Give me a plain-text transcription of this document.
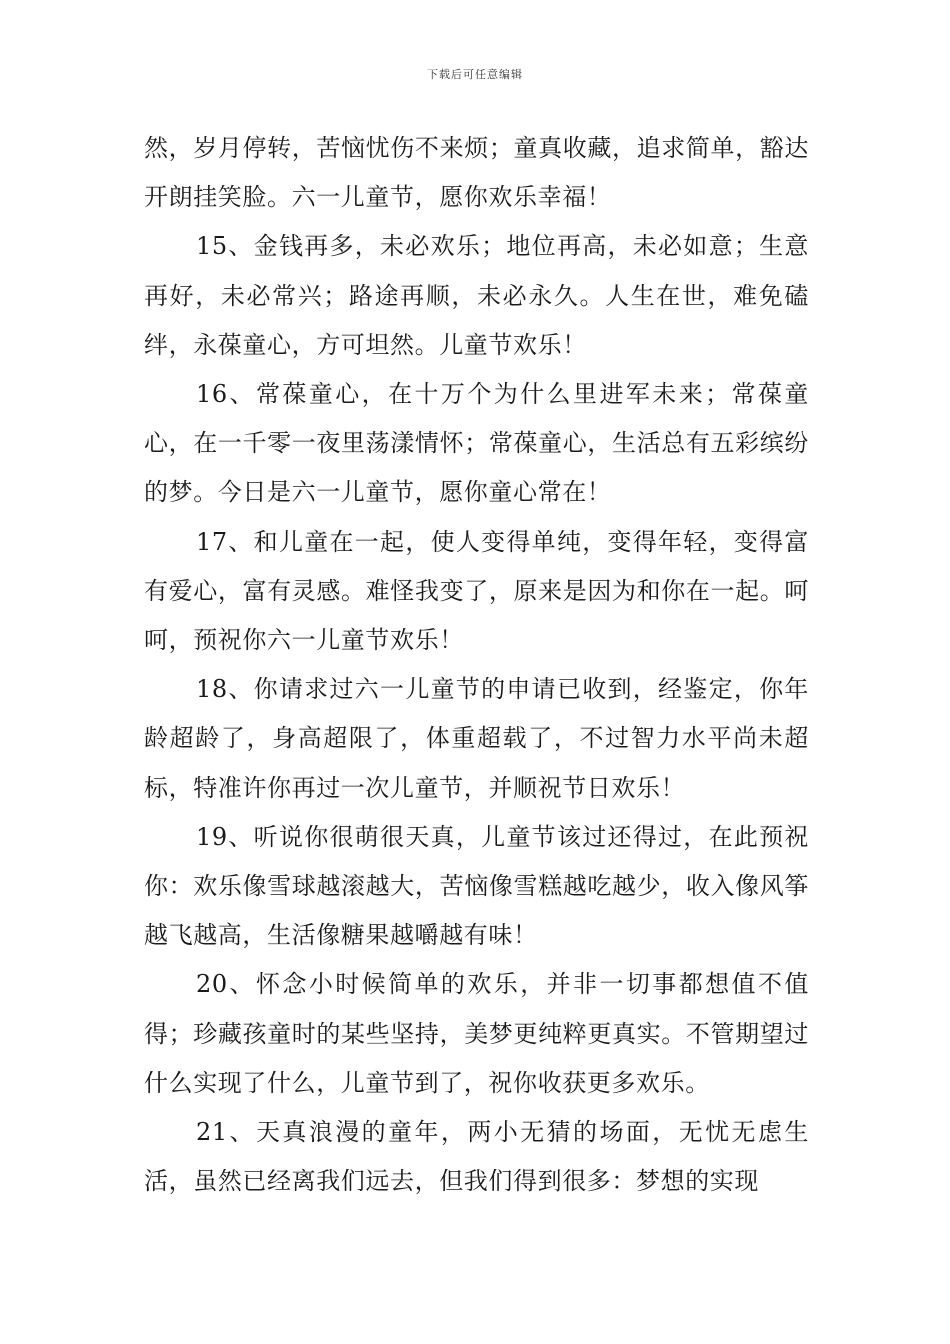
下载后可任意编辑

然，岁月停转，苦恼忧伤不来烦；童真收藏，追求简单，豁达开朗挂笑脸。六一儿童节，愿你欢乐幸福！

15、金钱再多，未必欢乐；地位再高，未必如意；生意再好，未必常兴；路途再顺，未必永久。人生在世，难免磕绊，永葆童心，方可坦然。儿童节欢乐！

16、常葆童心，在十万个为什么里进军未来；常葆童心，在一千零一夜里荡漾情怀；常葆童心，生活总有五彩缤纷的梦。今日是六一儿童节，愿你童心常在！

17、和儿童在一起，使人变得单纯，变得年轻，变得富有爱心，富有灵感。难怪我变了，原来是因为和你在一起。呵呵，预祝你六一儿童节欢乐！

18、你请求过六一儿童节的申请已收到，经鉴定，你年龄超龄了，身高超限了，体重超载了，不过智力水平尚未超标，特准许你再过一次儿童节，并顺祝节日欢乐！

19、听说你很萌很天真，儿童节该过还得过，在此预祝你：欢乐像雪球越滚越大，苦恼像雪糕越吃越少，收入像风筝越飞越高，生活像糖果越嚼越有味！

20、怀念小时候简单的欢乐，并非一切事都想值不值得；珍藏孩童时的某些坚持，美梦更纯粹更真实。不管期望过什么实现了什么，儿童节到了，祝你收获更多欢乐。

21、天真浪漫的童年，两小无猜的场面，无忧无虑生活，虽然已经离我们远去，但我们得到很多：梦想的实现
